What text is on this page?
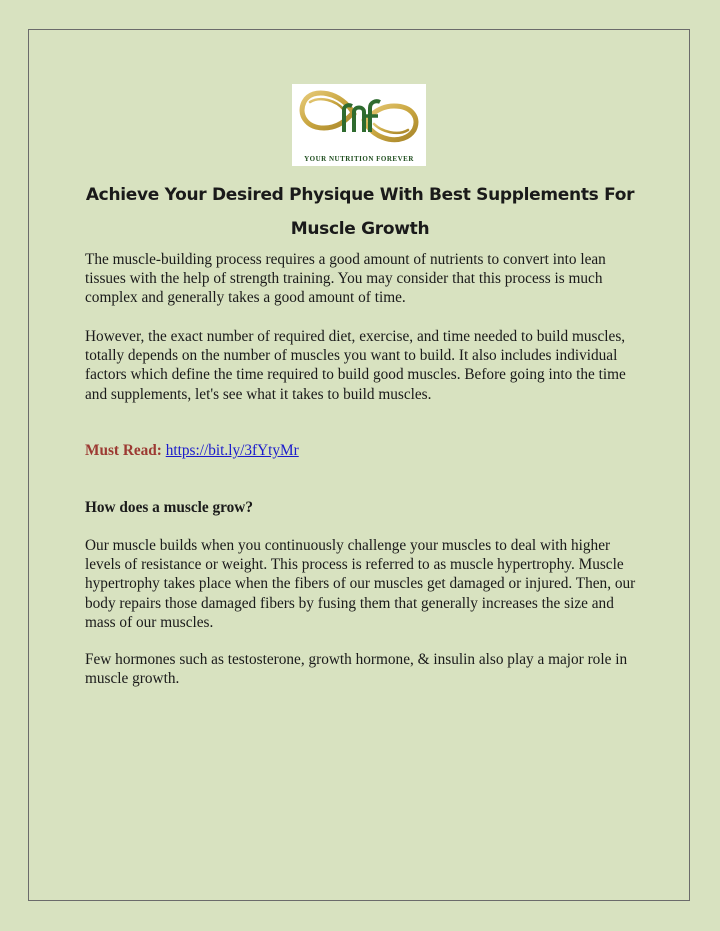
YOUR NUTRITION FOREVER
Achieve Your Desired Physique With Best Supplements For Muscle Growth

The muscle-building process requires a good amount of nutrients to convert into lean tissues with the help of strength training. You may consider that this process is much complex and generally takes a good amount of time.

However, the exact number of required diet, exercise, and time needed to build muscles, totally depends on the number of muscles you want to build. It also includes individual factors which define the time required to build good muscles. Before going into the time and supplements, let's see what it takes to build muscles.

Must Read: https://bit.ly/3fYtyMr

How does a muscle grow?

Our muscle builds when you continuously challenge your muscles to deal with higher levels of resistance or weight. This process is referred to as muscle hypertrophy. Muscle hypertrophy takes place when the fibers of our muscles get damaged or injured. Then, our body repairs those damaged fibers by fusing them that generally increases the size and mass of our muscles.

Few hormones such as testosterone, growth hormone, & insulin also play a major role in muscle growth.
